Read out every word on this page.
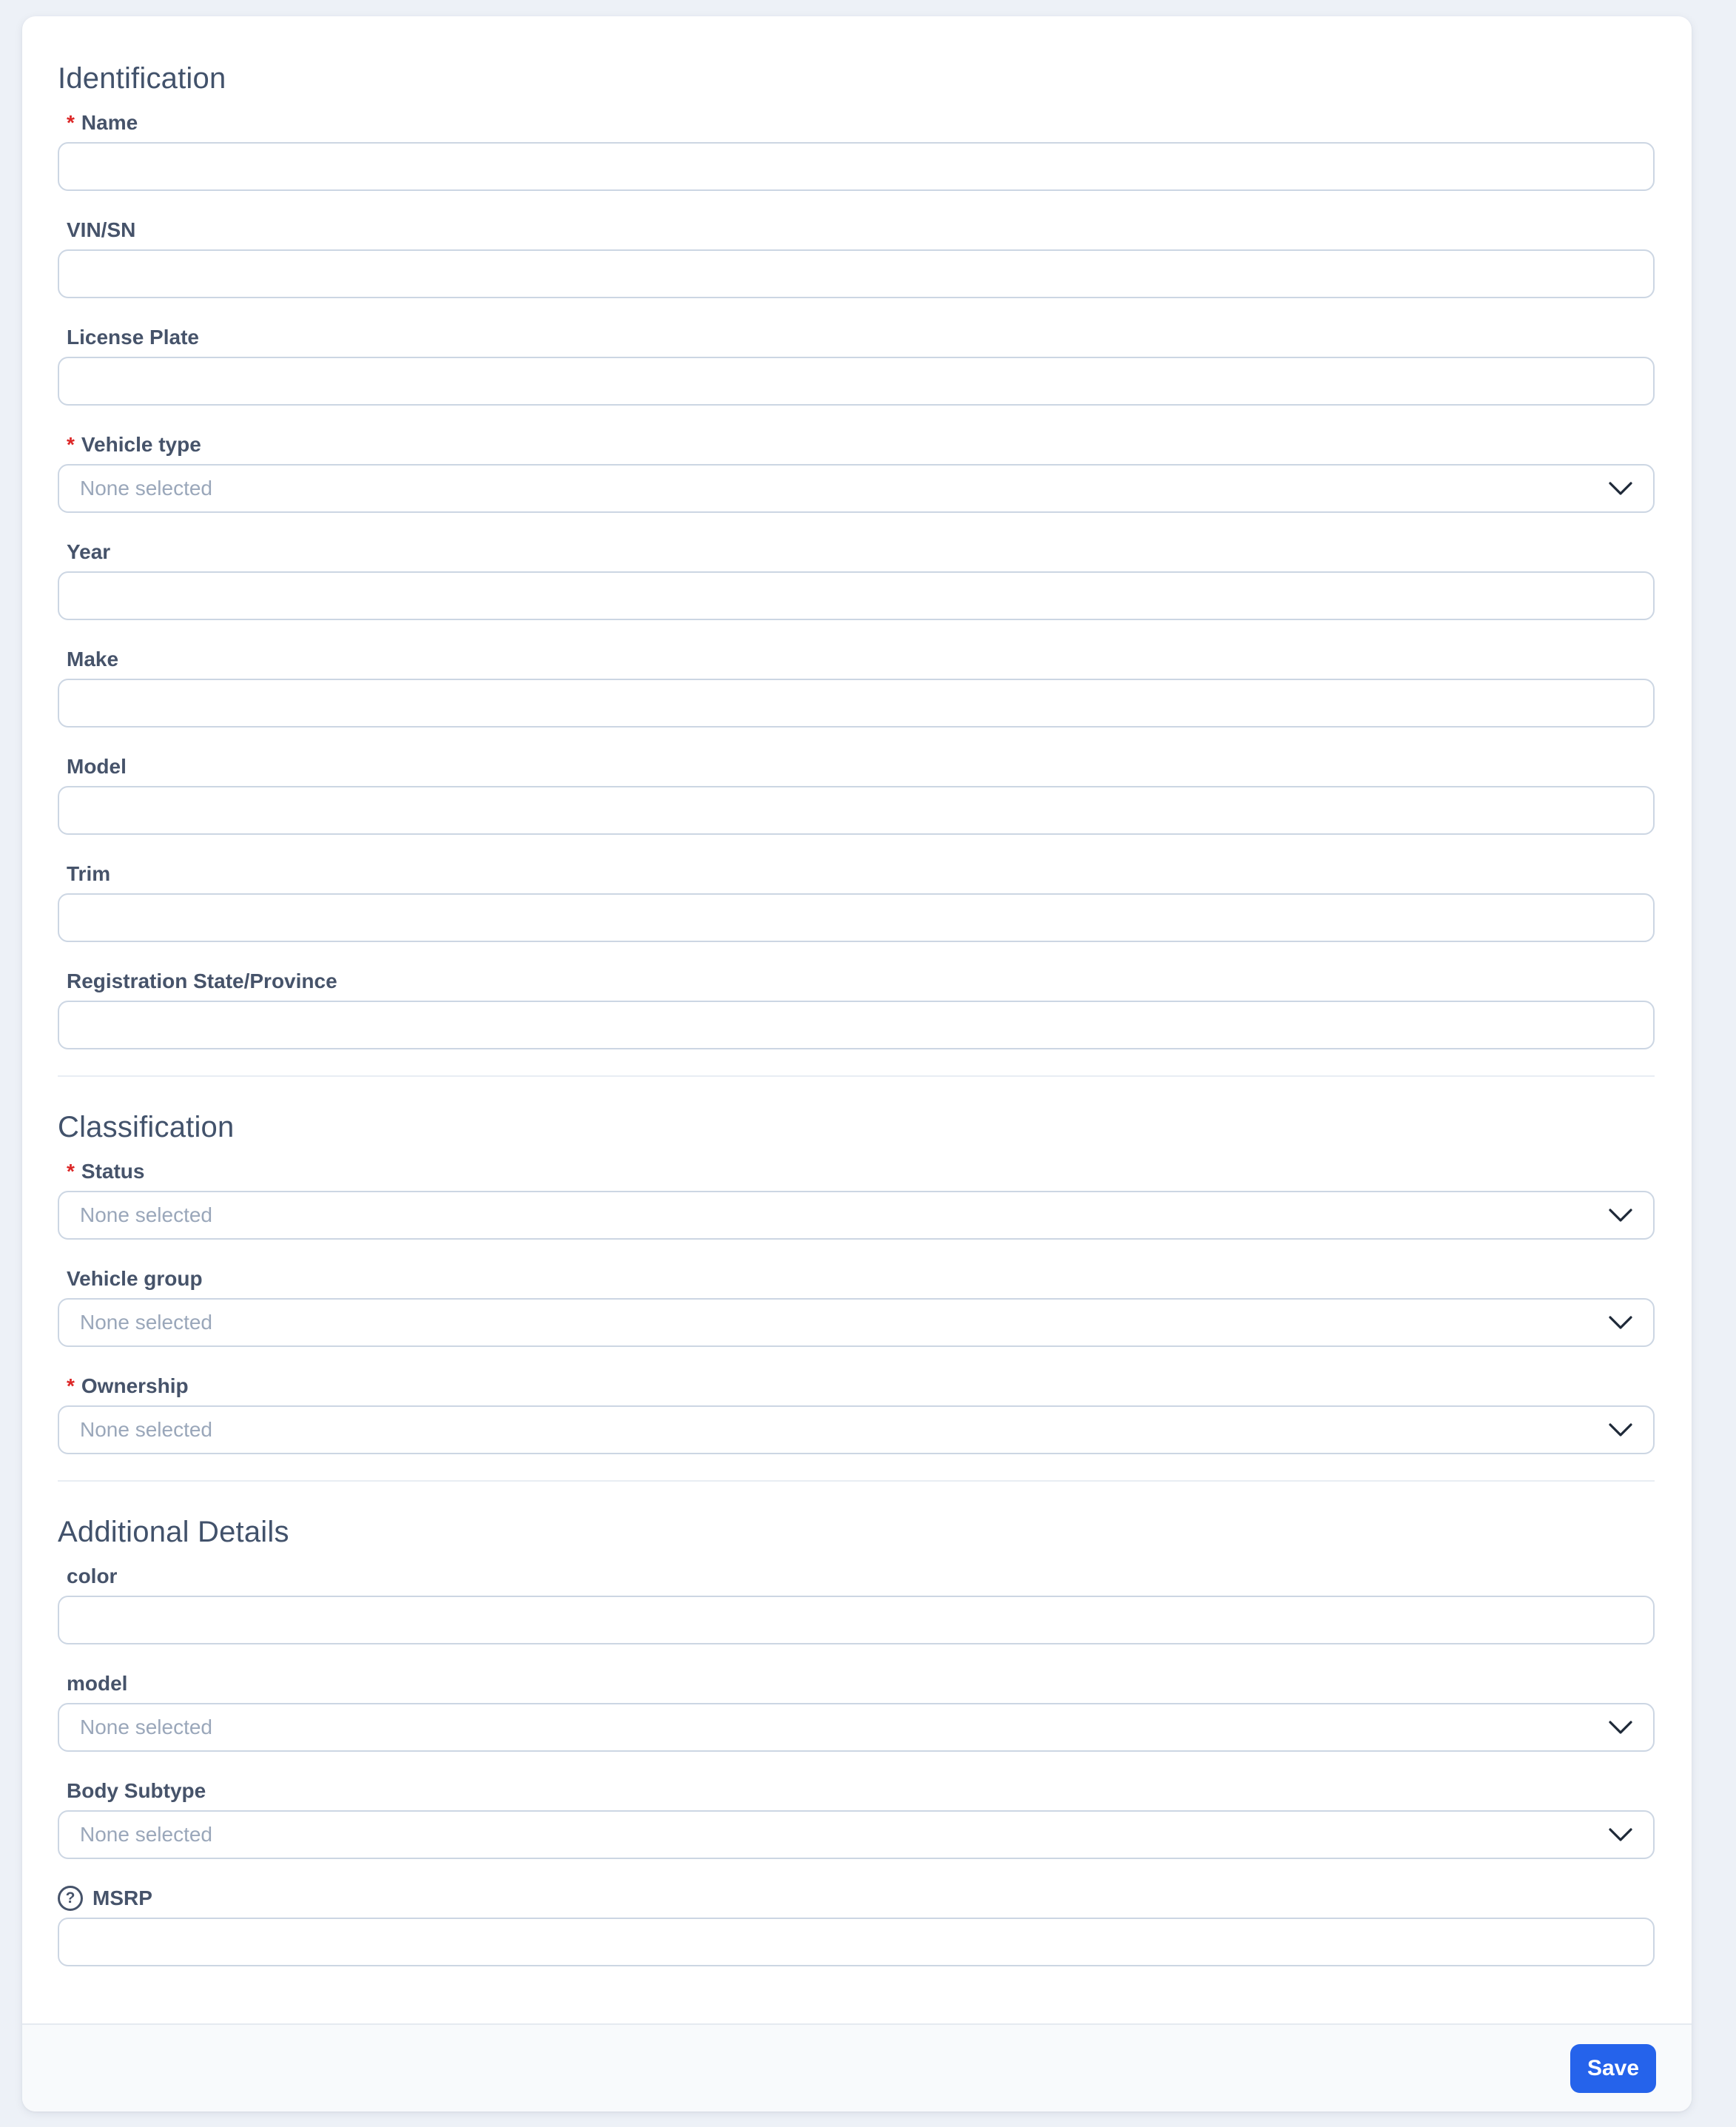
Identification
* Name
VIN/SN
License Plate
* Vehicle type
None selected
Year
Make
Model
Trim
Registration State/Province
Classification
* Status
None selected
Vehicle group
None selected
* Ownership
None selected
Additional Details
color
model
None selected
Body Subtype
None selected
? MSRP
Save
